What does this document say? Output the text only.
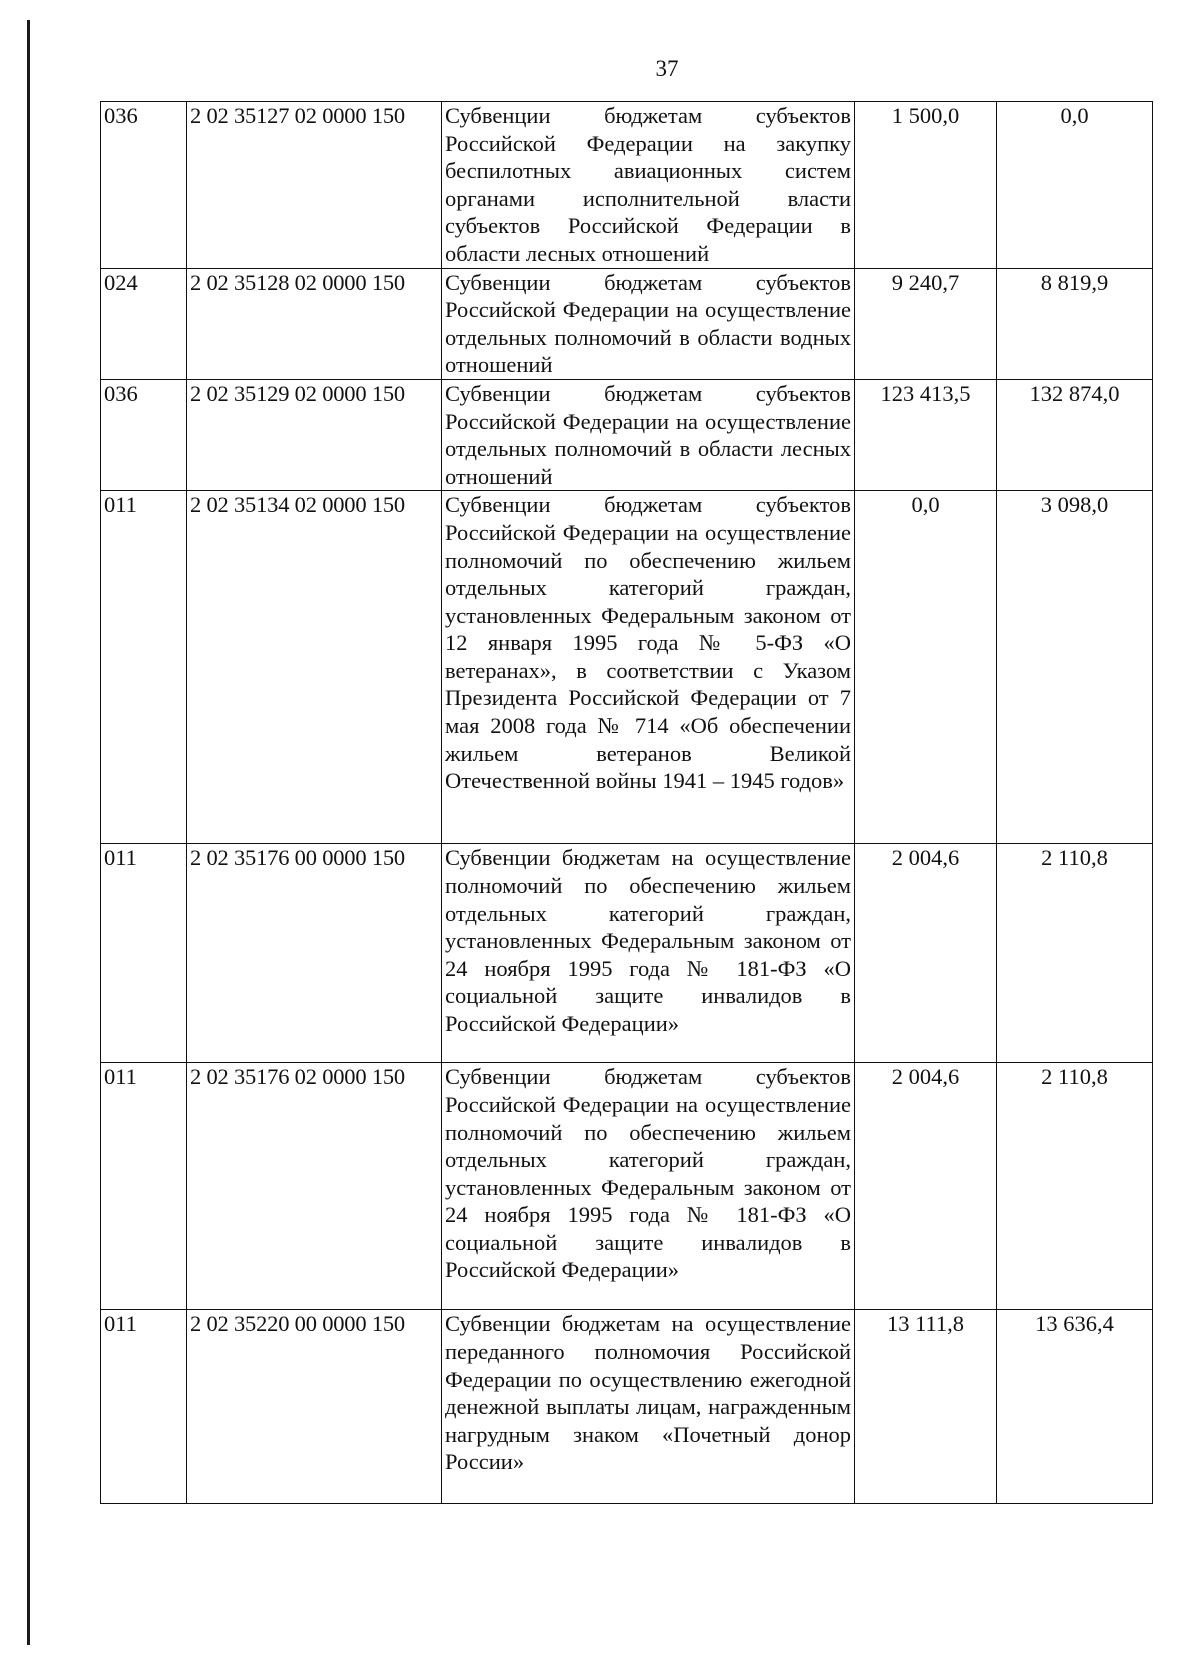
37
036	2 02 35127 02 0000 150	Субвенции бюджетам субъектов Российской Федерации на закупку беспилотных авиационных систем органами исполнительной власти субъектов Российской Федерации в области лесных отношений	1 500,0	0,0
024	2 02 35128 02 0000 150	Субвенции бюджетам субъектов Российской Федерации на осуществление отдельных полномочий в области водных отношений	9 240,7	8 819,9
036	2 02 35129 02 0000 150	Субвенции бюджетам субъектов Российской Федерации на осуществление отдельных полномочий в области лесных отношений	123 413,5	132 874,0
011	2 02 35134 02 0000 150	Субвенции бюджетам субъектов Российской Федерации на осуществление полномочий по обеспечению жильем отдельных категорий граждан, установленных Федеральным законом от 12 января 1995 года № 5-ФЗ «О ветеранах», в соответствии с Указом Президента Российской Федерации от 7 мая 2008 года № 714 «Об обеспечении жильем ветеранов Великой Отечественной войны 1941 – 1945 годов»	0,0	3 098,0
011	2 02 35176 00 0000 150	Субвенции бюджетам на осуществление полномочий по обеспечению жильем отдельных категорий граждан, установленных Федеральным законом от 24 ноября 1995 года № 181-ФЗ «О социальной защите инвалидов в Российской Федерации»	2 004,6	2 110,8
011	2 02 35176 02 0000 150	Субвенции бюджетам субъектов Российской Федерации на осуществление полномочий по обеспечению жильем отдельных категорий граждан, установленных Федеральным законом от 24 ноября 1995 года № 181-ФЗ «О социальной защите инвалидов в Российской Федерации»	2 004,6	2 110,8
011	2 02 35220 00 0000 150	Субвенции бюджетам на осуществление переданного полномочия Российской Федерации по осуществлению ежегодной денежной выплаты лицам, награжденным нагрудным знаком «Почетный донор России»	13 111,8	13 636,4
